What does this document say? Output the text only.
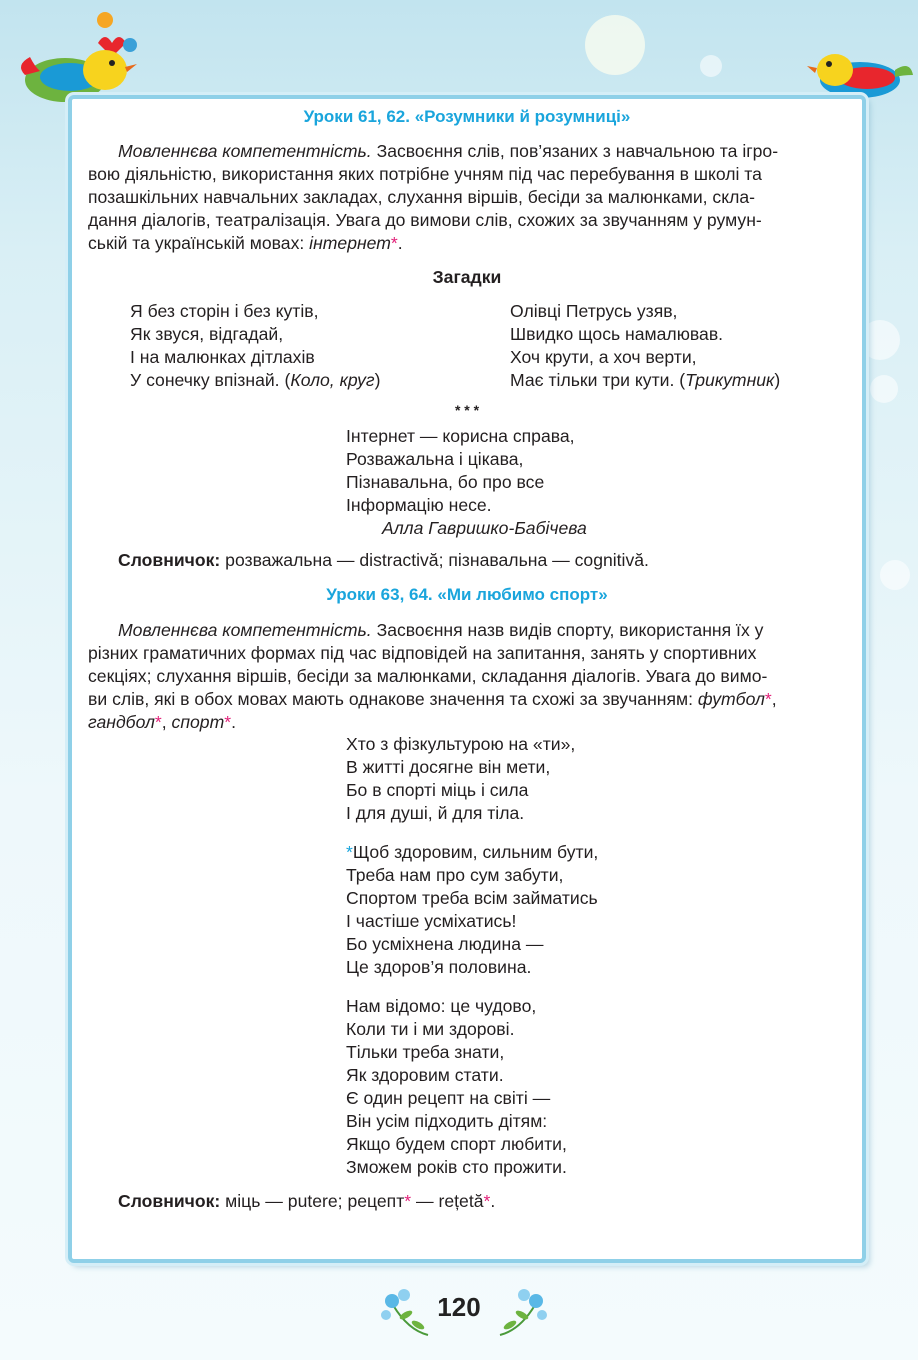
Уроки 61, 62. «Розумники й розумниці»
Мовленнєва компетентність. Засвоєння слів, пов’язаних з навчальною та ігро-
вою діяльністю, використання яких потрібне учням під час перебування в школі та
позашкільних навчальних закладах, слухання віршів, бесіди за малюнками, скла-
дання діалогів, театралізація. Увага до вимови слів, схожих за звучанням у румун-
ській та українській мовах: інтернет*.
Загадки
Я без сторін і без кутів,
Як звуся, відгадай,
І на малюнках дітлахів
У сонечку впізнай. (Коло, круг)
Олівці Петрусь узяв,
Швидко щось намалював.
Хоч крути, а хоч верти,
Має тільки три кути. (Трикутник)
* * *
Інтернет — корисна справа,
Розважальна і цікава,
Пізнавальна, бо про все
Інформацію несе.
Алла Гавришко-Бабічева
Словничок: розважальна — distractivă; пізнавальна — cognitivă.
Уроки 63, 64. «Ми любимо спорт»
Мовленнєва компетентність. Засвоєння назв видів спорту, використання їх у
різних граматичних формах під час відповідей на запитання, занять у спортивних
секціях; слухання віршів, бесіди за малюнками, складання діалогів. Увага до вимо-
ви слів, які в обох мовах мають однакове значення та схожі за звучанням: футбол*,
гандбол*, спорт*.
Хто з фізкультурою на «ти»,
В житті досягне він мети,
Бо в спорті міць і сила
І для душі, й для тіла.
*Щоб здоровим, сильним бути,
Треба нам про сум забути,
Спортом треба всім займатись
І частіше усміхатись!
Бо усміхнена людина —
Це здоров’я половина.
Нам відомо: це чудово,
Коли ти і ми здорові.
Тільки треба знати,
Як здоровим стати.
Є один рецепт на світі —
Він усім підходить дітям:
Якщо будем спорт любити,
Зможем років сто прожити.
Словничок: міць — putere; рецепт* — rețetă*.
120
